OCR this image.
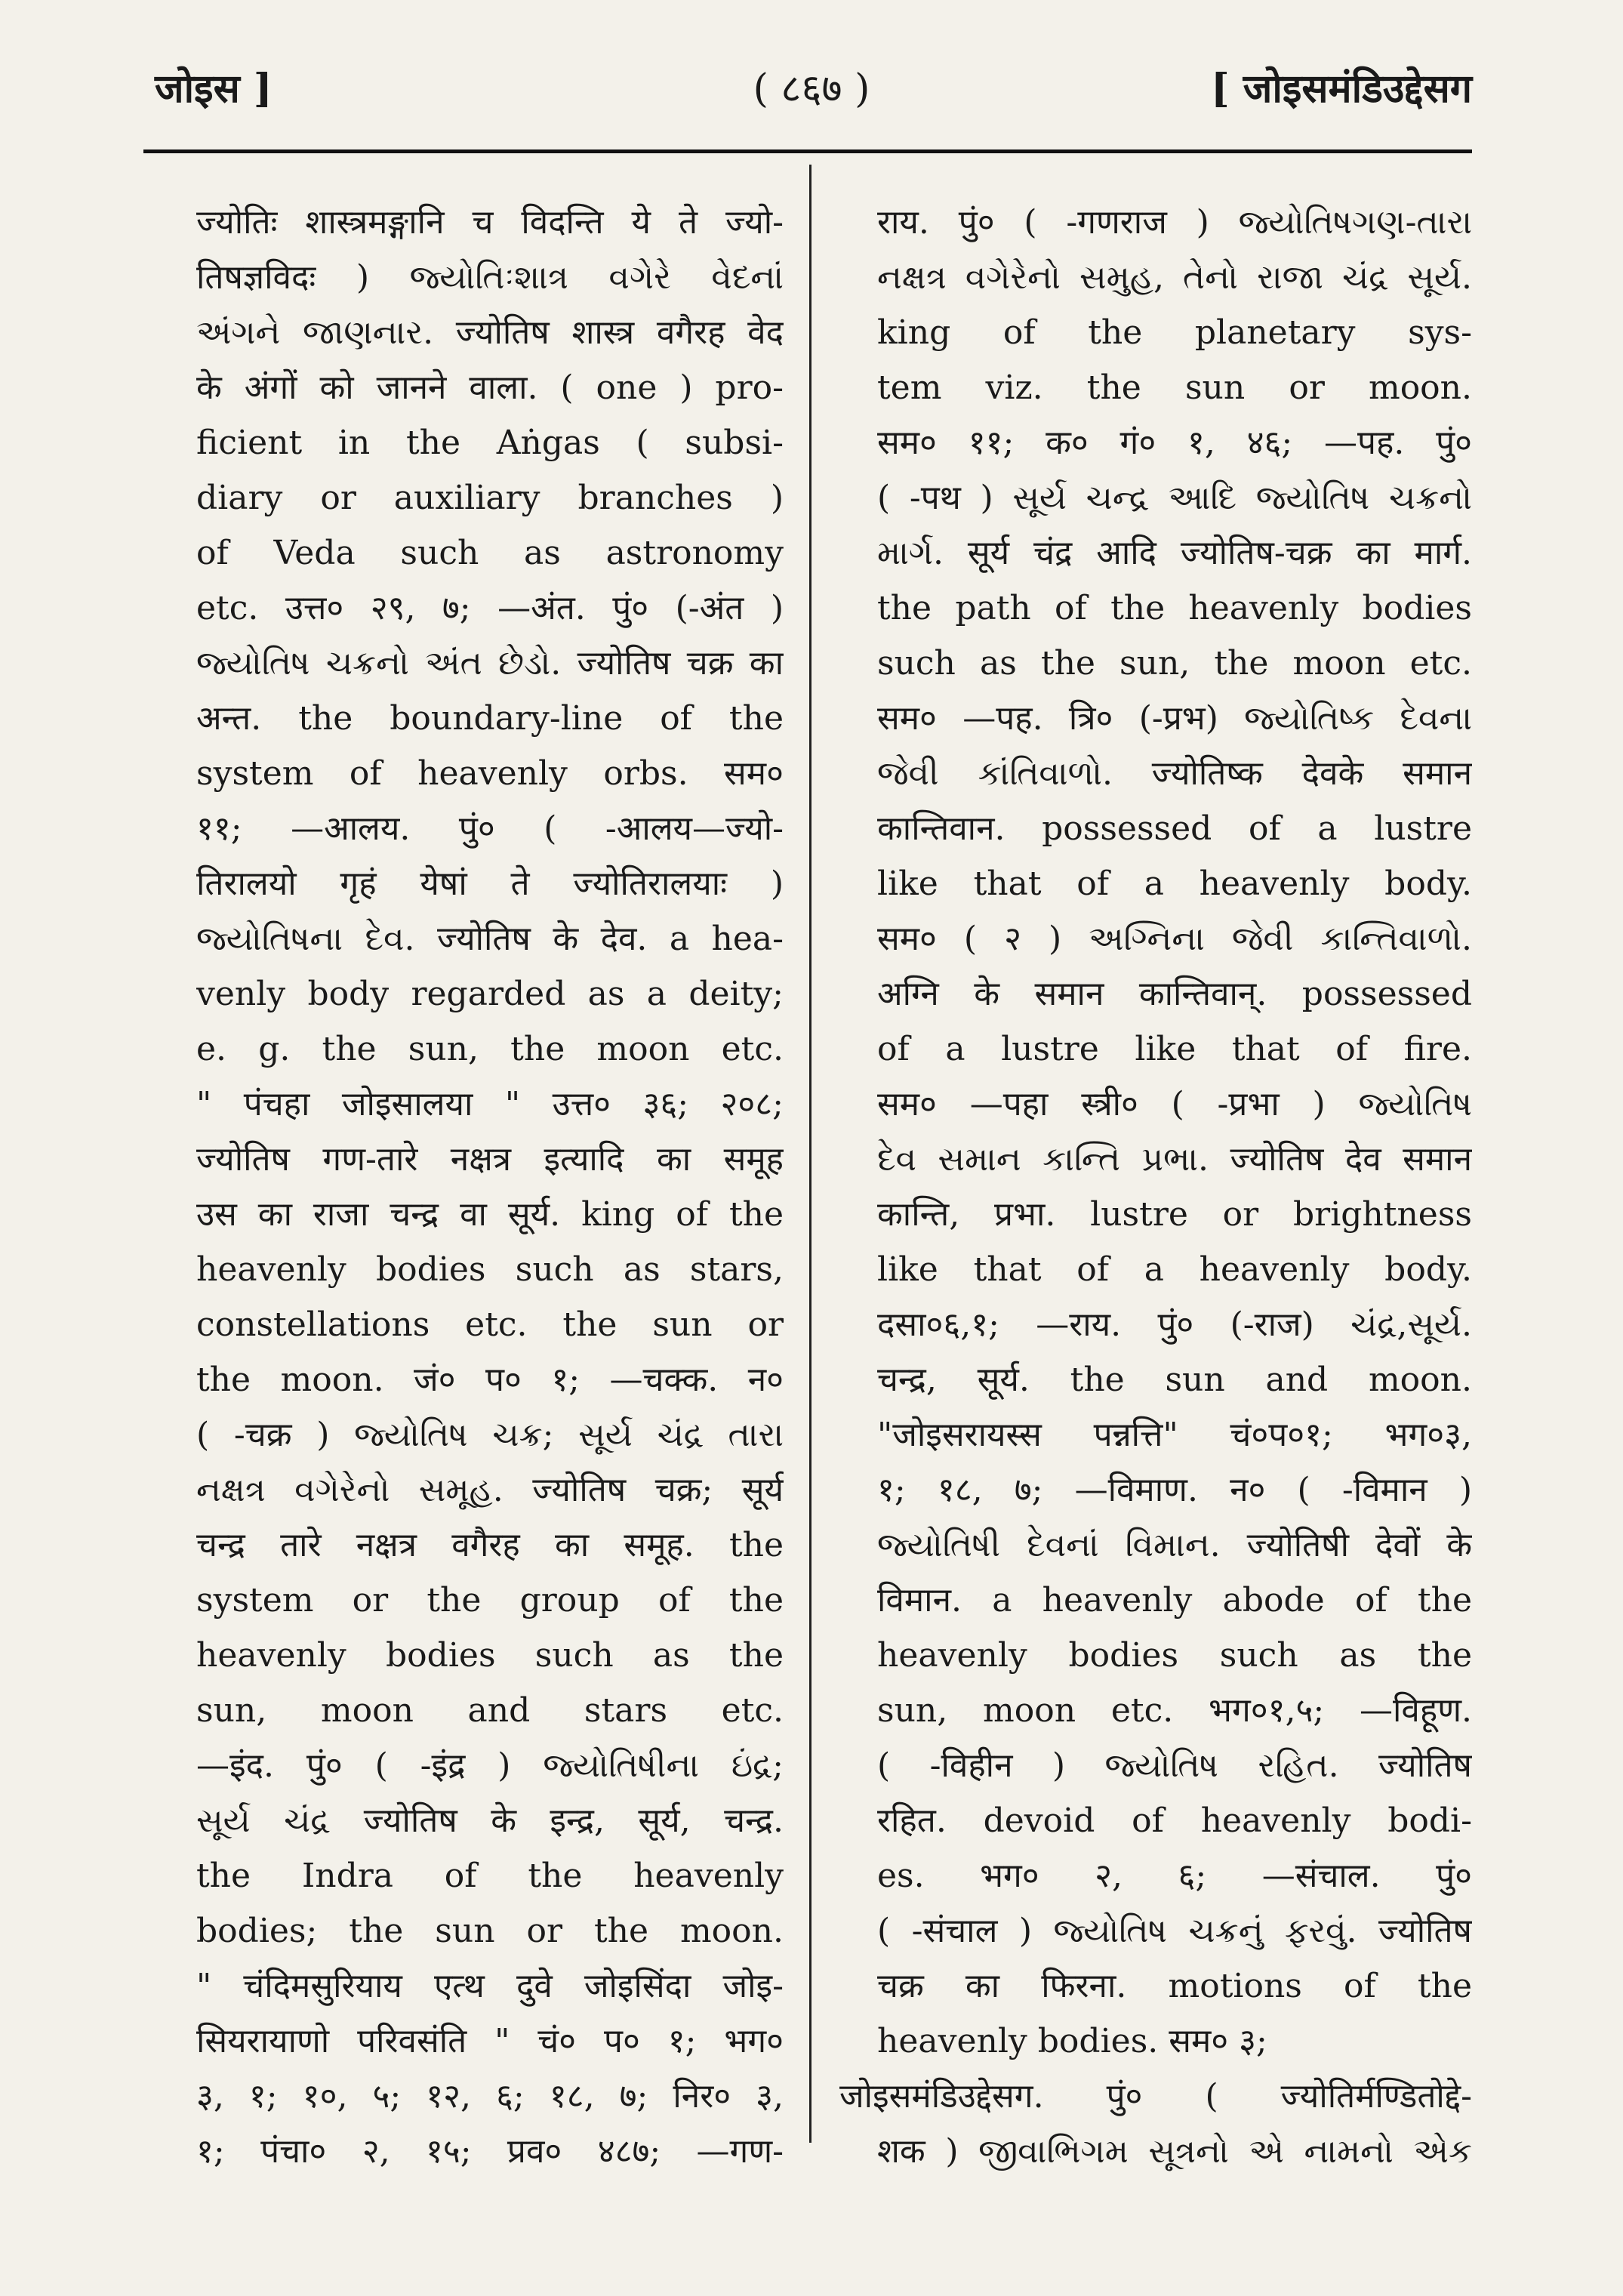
जोइस ]	( ८६७ )	[ जोइसमंडिउद्देसग
ज्योतिः शास्त्रमङ्गानि च विदन्ति ये ते ज्यो-
तिषज्ञविदः ) જ્યોતિઃશાત્ર વગેરે વેદનાં
અંગને જાણનાર. ज्योतिष शास्त्र वगैरह वेद
के अंगों को जानने वाला. ( one ) pro-
ficient in the Aṅgas ( subsi-
diary or auxiliary branches )
of Veda such as astronomy
etc. उत्त० २९, ७; —अंत. पुं० (-अंत )
જ્યોતિષ ચક્રનો અંત છેડો. ज्योतिष चक्र का
अन्त. the boundary-line of the
system of heavenly orbs. सम०
११; —आलय. पुं० ( -आलय—ज्यो-
तिरालयो गृहं येषां ते ज्योतिरालयाः )
જ્યોતિષના દેવ. ज्योतिष के देव. a hea-
venly body regarded as a deity;
e. g. the sun, the moon etc.
" पंचहा जोइसालया " उत्त० ३६; २०८;
ज्योतिष गण-तारे नक्षत्र इत्यादि का समूह
उस का राजा चन्द्र वा सूर्य. king of the
heavenly bodies such as stars,
constellations etc. the sun or
the moon. जं० प० १; —चक्क. न०
( -चक्र ) જ્યોતિષ ચક્ર; સૂર્ય ચંદ્ર તારા
નક્ષત્ર વગેરેનો સમૂહ. ज्योतिष चक्र; सूर्य
चन्द्र तारे नक्षत्र वगैरह का समूह. the
system or the group of the
heavenly bodies such as the
sun, moon and stars etc.
—इंद. पुं० ( -इंद्र ) જ્યોતિષીના ઇંદ્ર;
સૂર્ય ચંદ્ર ज्योतिष के इन्द्र, सूर्य, चन्द्र.
the Indra of the heavenly
bodies; the sun or the moon.
" चंदिमसुरियाय एत्थ दुवे जोइसिंदा जोइ-
सियरायाणो परिवसंति " चं० प० १; भग०
३, १; १०, ५; १२, ६; १८, ७; निर० ३,
१; पंचा० २, १५; प्रव० ४८७; —गण-
राय. पुं० ( -गणराज ) જ્યોતિષગણ-તારા
નક્ષત્ર વગેરેનો સમુહ, તેનો રાજા ચંદ્ર સૂર્ય.
king of the planetary sys-
tem viz. the sun or moon.
सम० ११; क० गं० १, ४६; —पह. पुं०
( -पथ ) સૂર્ય ચન્દ્ર આદિ જ્યોતિષ ચક્રનો
માર્ગ. सूर्य चंद्र आदि ज्योतिष-चक्र का मार्ग.
the path of the heavenly bodies
such as the sun, the moon etc.
सम० —पह. त्रि० (-प्रभ) જ્યોતિષ્ક દેવના
જેવી કાંતિવાળો. ज्योतिष्क देवके समान
कान्तिवान. possessed of a lustre
like that of a heavenly body.
सम० ( २ ) અગ્નિના જેવી કાન્તિવાળો.
अग्नि के समान कान्तिवान्. possessed
of a lustre like that of fire.
सम० —पहा स्त्री० ( -प्रभा ) જ્યોતિષ
દેવ સમાન કાન્તિ પ્રભા. ज्योतिष देव समान
कान्ति, प्रभा. lustre or brightness
like that of a heavenly body.
दसा०६,१; —राय. पुं० (-राज) ચંદ્ર,સૂર્ય.
चन्द्र, सूर्य. the sun and moon.
"जोइसरायस्स पन्नत्ति" चं०प०१; भग०३,
१; १८, ७; —विमाण. न० ( -विमान )
જ્યોતિષી દેવનાં વિમાન. ज्योतिषी देवों के
विमान. a heavenly abode of the
heavenly bodies such as the
sun, moon etc. भग०१,५; —विहूण.
( -विहीन ) જ્યોતિષ રહિત. ज्योतिष
रहित. devoid of heavenly bodi-
es. भग० २, ६; —संचाल. पुं०
( -संचाल ) જ્યોતિષ ચક્રનું ફરવું. ज्योतिष
चक्र का फिरना. motions of the
heavenly bodies. सम० ३;
जोइसमंडिउद्देसग. पुं० ( ज्योतिर्मण्डितोद्दे-
शक ) જીવાભિગમ સૂત્રનો એ નામનો એક
